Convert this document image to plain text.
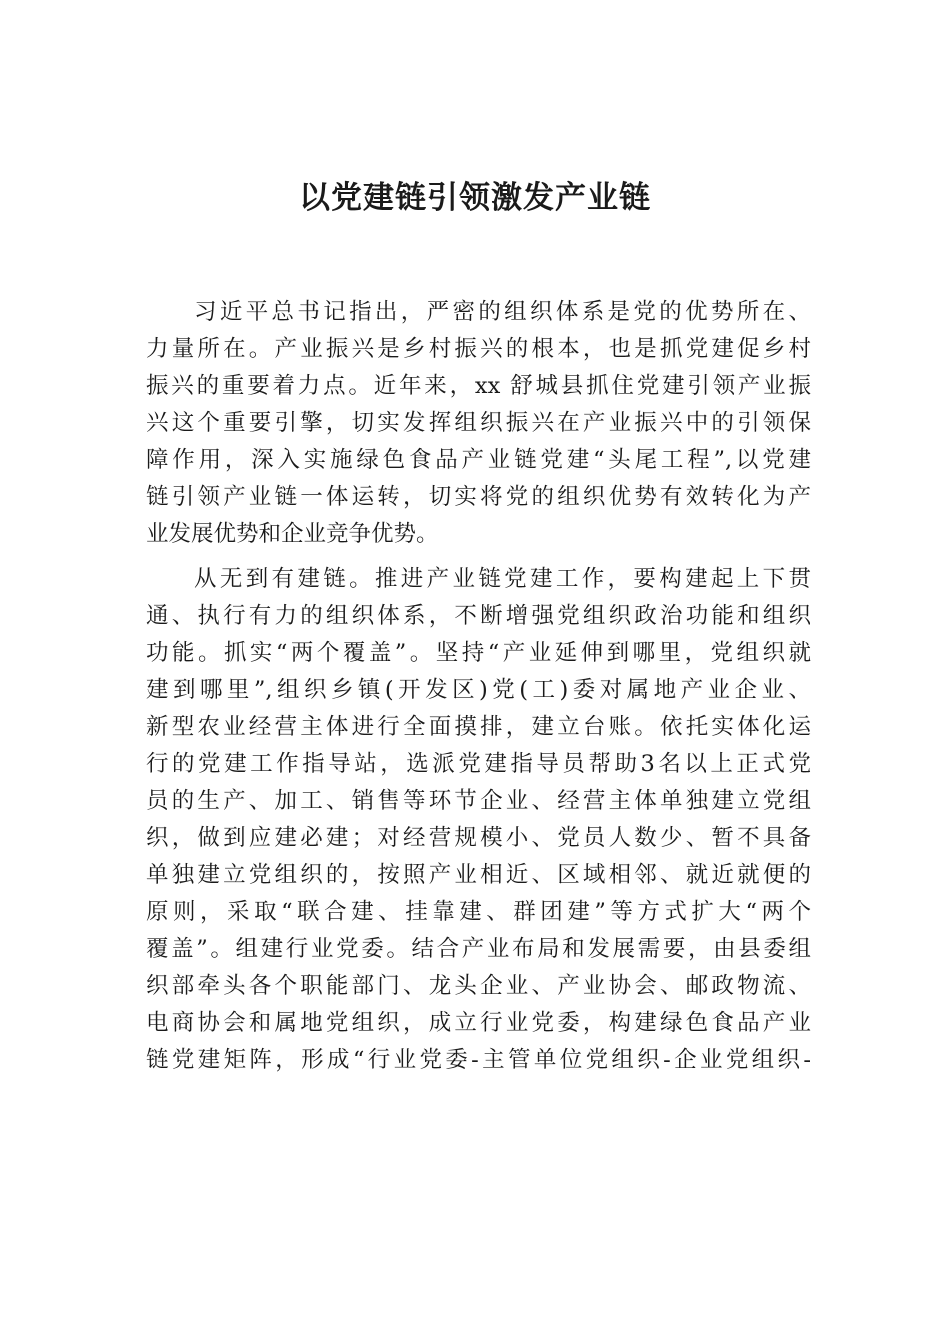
以党建链引领激发产业链
习近平总书记指出，严密的组织体系是党的优势所在、
力量所在。产业振兴是乡村振兴的根本，也是抓党建促乡村
振兴的重要着力点。近年来，xx 舒城县抓住党建引领产业振
兴这个重要引擎，切实发挥组织振兴在产业振兴中的引领保
障作用，深入实施绿色食品产业链党建“头尾工程”,以党建
链引领产业链一体运转，切实将党的组织优势有效转化为产
业发展优势和企业竞争优势。
从无到有建链。推进产业链党建工作，要构建起上下贯
通、执行有力的组织体系，不断增强党组织政治功能和组织
功能。抓实“两个覆盖”。坚持“产业延伸到哪里，党组织就
建到哪里”,组织乡镇(开发区)党(工)委对属地产业企业、
新型农业经营主体进行全面摸排，建立台账。依托实体化运
行的党建工作指导站，选派党建指导员帮助3名以上正式党
员的生产、加工、销售等环节企业、经营主体单独建立党组
织，做到应建必建；对经营规模小、党员人数少、暂不具备
单独建立党组织的，按照产业相近、区域相邻、就近就便的
原则，采取“联合建、挂靠建、群团建”等方式扩大“两个
覆盖”。组建行业党委。结合产业布局和发展需要，由县委组
织部牵头各个职能部门、龙头企业、产业协会、邮政物流、
电商协会和属地党组织，成立行业党委，构建绿色食品产业
链党建矩阵，形成“行业党委-主管单位党组织-企业党组织-
